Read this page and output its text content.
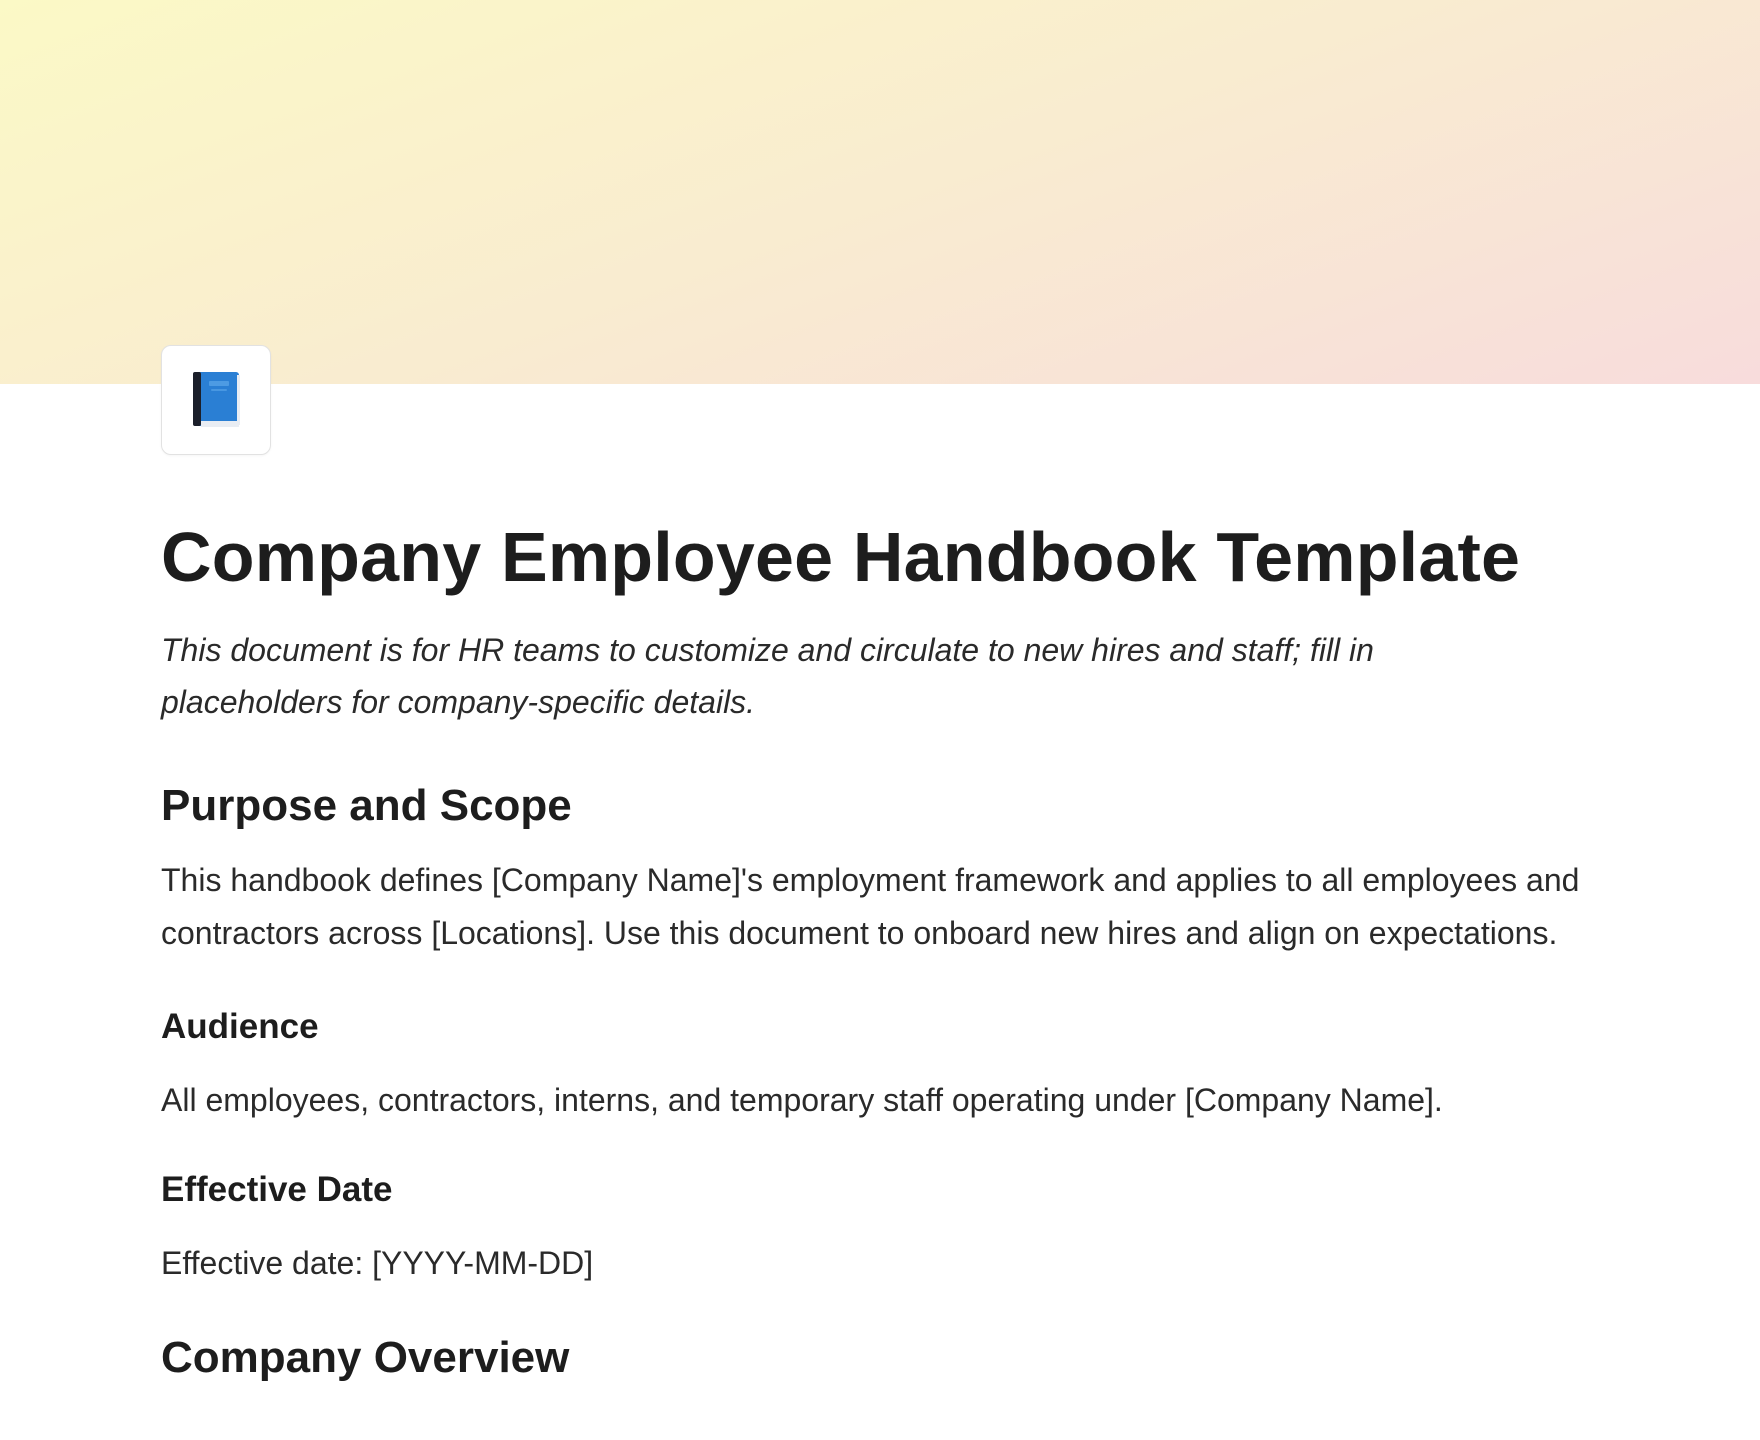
Company Employee Handbook Template

This document is for HR teams to customize and circulate to new hires and staff; fill in placeholders for company-specific details.

Purpose and Scope

This handbook defines [Company Name]'s employment framework and applies to all employees and contractors across [Locations]. Use this document to onboard new hires and align on expectations.

Audience

All employees, contractors, interns, and temporary staff operating under [Company Name].

Effective Date

Effective date: [YYYY-MM-DD]

Company Overview
